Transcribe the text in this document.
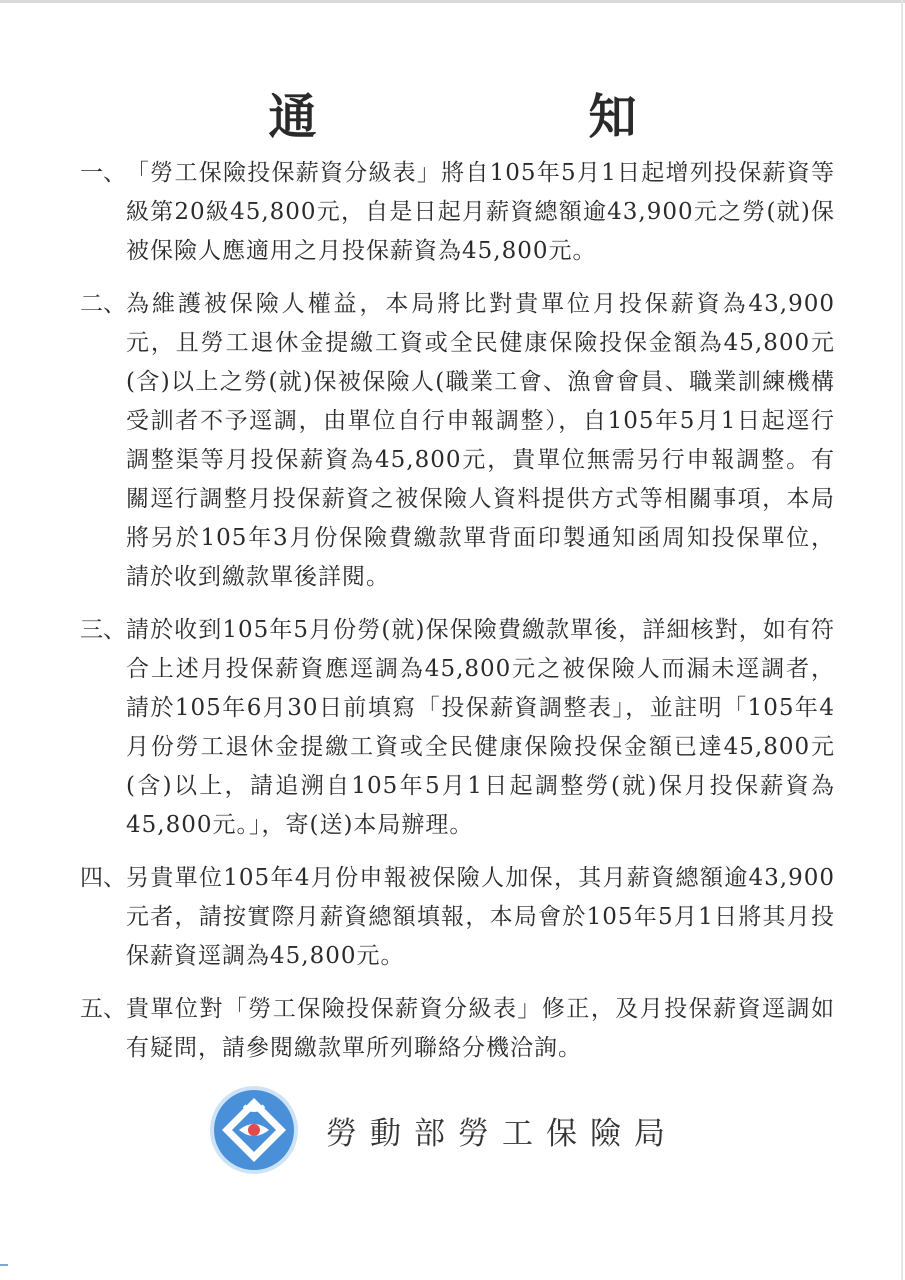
通　知
一、 「勞工保險投保薪資分級表」將自105年5月1日起增列投保薪資等級第20級45,800元，自是日起月薪資總額逾43,900元之勞(就)保被保險人應適用之月投保薪資為45,800元。
二、 為維護被保險人權益，本局將比對貴單位月投保薪資為43,900元，且勞工退休金提繳工資或全民健康保險投保金額為45,800元(含)以上之勞(就)保被保險人(職業工會、漁會會員、職業訓練機構受訓者不予逕調，由單位自行申報調整），自105年5月1日起逕行調整渠等月投保薪資為45,800元，貴單位無需另行申報調整。有關逕行調整月投保薪資之被保險人資料提供方式等相關事項，本局將另於105年3月份保險費繳款單背面印製通知函周知投保單位，請於收到繳款單後詳閱。
三、 請於收到105年5月份勞(就)保保險費繳款單後，詳細核對，如有符合上述月投保薪資應逕調為45,800元之被保險人而漏未逕調者，請於105年6月30日前填寫「投保薪資調整表」，並註明「105年4月份勞工退休金提繳工資或全民健康保險投保金額已達45,800元(含)以上，請追溯自105年5月1日起調整勞(就)保月投保薪資為45,800元。」，寄(送)本局辦理。
四、 另貴單位105年4月份申報被保險人加保，其月薪資總額逾43,900元者，請按實際月薪資總額填報，本局會於105年5月1日將其月投保薪資逕調為45,800元。
五、 貴單位對「勞工保險投保薪資分級表」修正，及月投保薪資逕調如有疑問，請參閱繳款單所列聯絡分機洽詢。
勞動部勞工保險局
